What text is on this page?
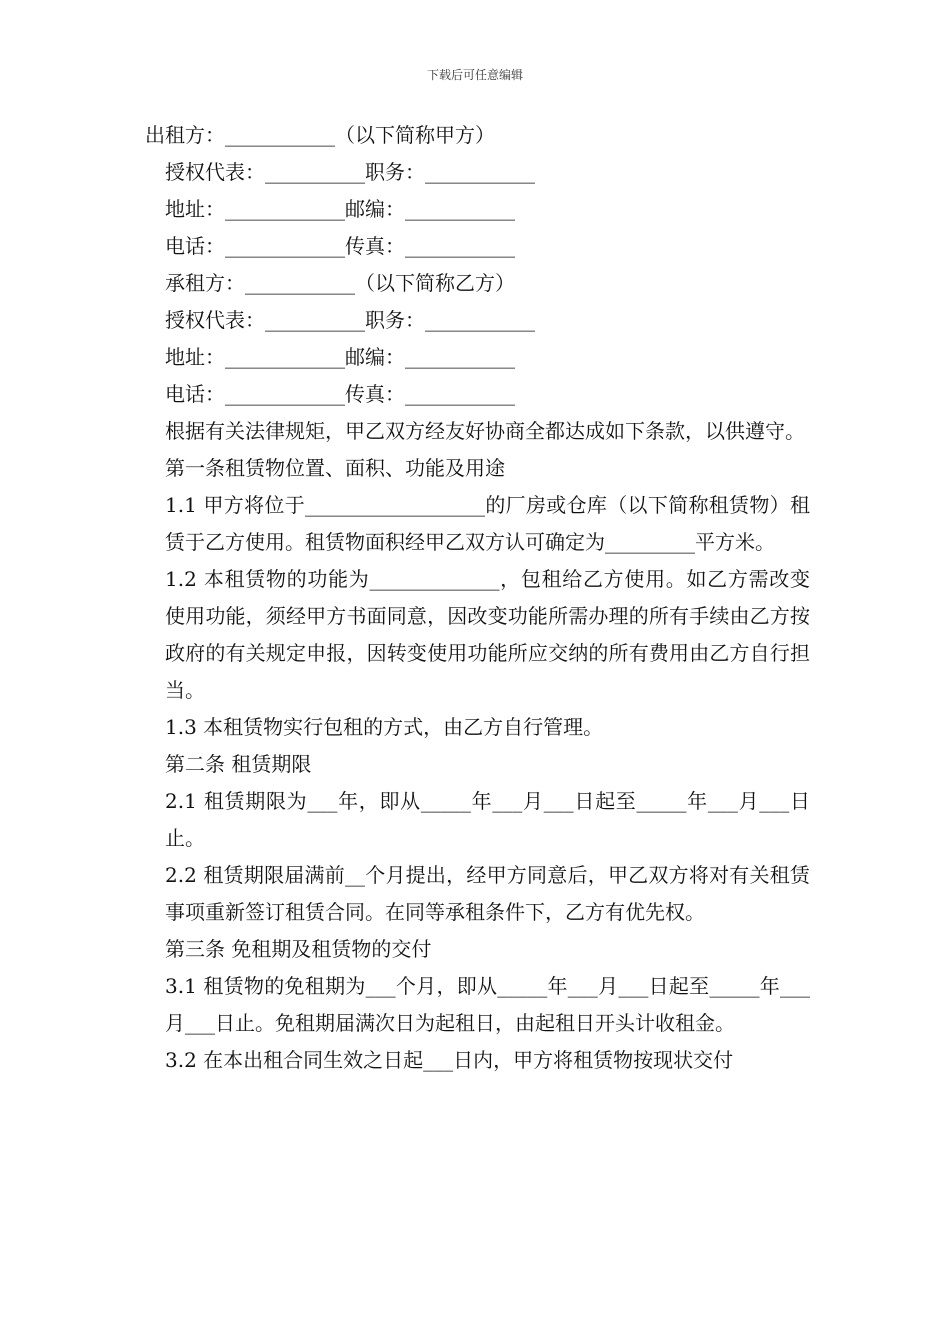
下载后可任意编辑

出租方：___________（以下简称甲方）

授权代表：__________职务：___________

地址：____________邮编：___________

电话：____________传真：___________

承租方：___________（以下简称乙方）

授权代表：__________职务：___________

地址：____________邮编：___________

电话：____________传真：___________

根据有关法律规矩，甲乙双方经友好协商全都达成如下条款，以供遵守。

第一条租赁物位置、面积、功能及用途

1.1 甲方将位于__________________的厂房或仓库（以下简称租赁物）租赁于乙方使用。租赁物面积经甲乙双方认可确定为_________平方米。

1.2 本租赁物的功能为_____________，包租给乙方使用。如乙方需改变使用功能，须经甲方书面同意，因改变功能所需办理的所有手续由乙方按政府的有关规定申报，因转变使用功能所应交纳的所有费用由乙方自行担当。

1.3 本租赁物实行包租的方式，由乙方自行管理。

第二条 租赁期限

2.1 租赁期限为___年，即从_____年___月___日起至_____年___月___日止。

2.2 租赁期限届满前__个月提出，经甲方同意后，甲乙双方将对有关租赁事项重新签订租赁合同。在同等承租条件下，乙方有优先权。

第三条 免租期及租赁物的交付

3.1 租赁物的免租期为___个月，即从_____年___月___日起至_____年___月___日止。免租期届满次日为起租日，由起租日开头计收租金。

3.2 在本出租合同生效之日起___日内，甲方将租赁物按现状交付
